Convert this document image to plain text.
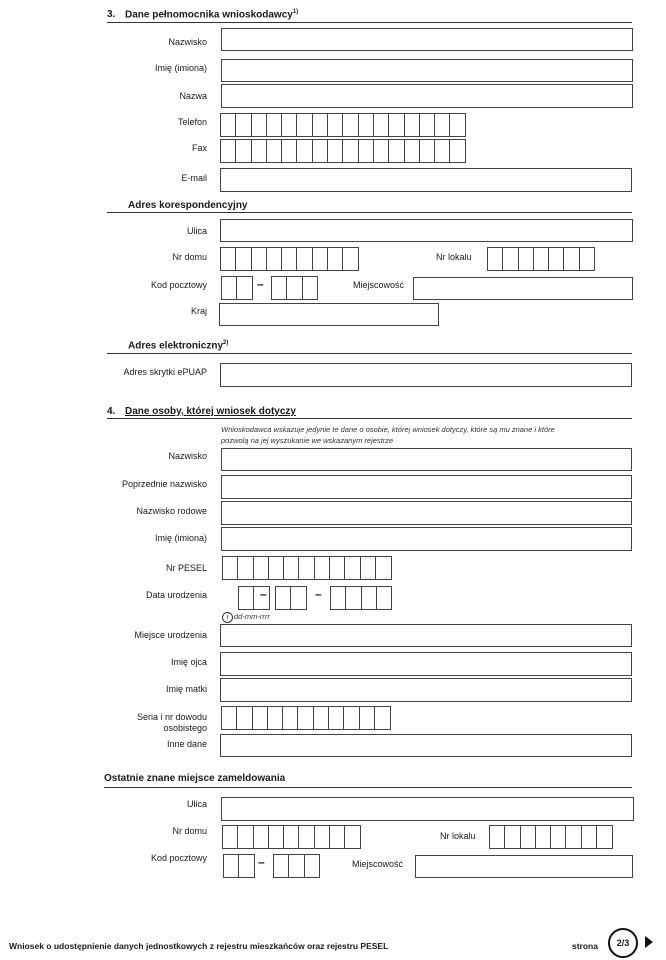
3. Dane pełnomocnika wnioskodawcy$^{1)}$
Nazwisko
Imię (imiona)
Nazwa
Telefon
Fax
E-mail
Adres korespondencyjny
Ulica
Nr domu	Nr lokalu
Kod pocztowy	–	Miejscowość
Kraj
Adres elektroniczny$^{2)}$
Adres skrytki ePUAP
4. Dane osoby, której wniosek dotyczy
Wnioskodawca wskazuje jedynie te dane o osobie, której wniosek dotyczy, które są mu znane i które
pozwolą na jej wyszukanie we wskazanym rejestrze
Nazwisko
Poprzednie nazwisko
Nazwisko rodowe
Imię (imiona)
Nr PESEL
Data urodzenia	–	–
i dd-mm-rrrr
Miejsce urodzenia
Imię ojca
Imię matki
Seria i nr dowodu
osobistego
Inne dane
Ostatnie znane miejsce zameldowania
Ulica
Nr domu	Nr lokalu
Kod pocztowy	–	Miejscowość
Wniosek o udostępnienie danych jednostkowych z rejestru mieszkańców oraz rejestru PESEL	strona	2/3
